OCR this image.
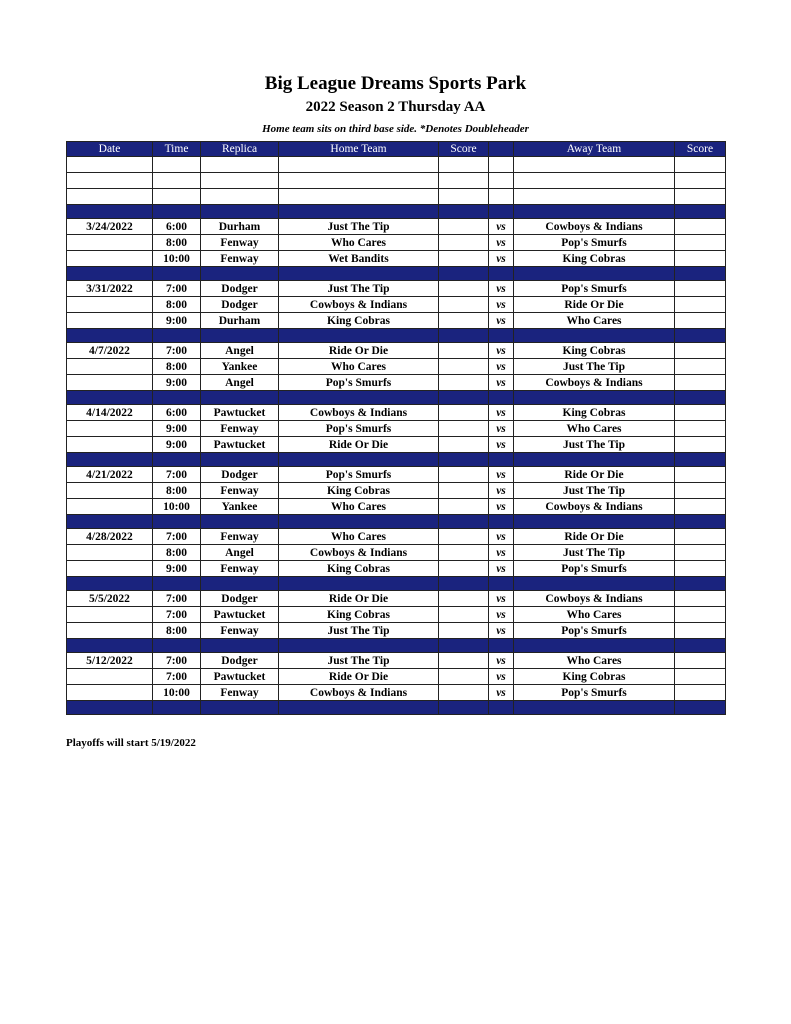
Big League Dreams Sports Park
2022 Season 2 Thursday AA
Home team sits on third base side. *Denotes Doubleheader
Date	Time	Replica	Home Team	Score		Away Team	Score

3/24/2022	6:00	Durham	Just The Tip		vs	Cowboys & Indians	
	8:00	Fenway	Who Cares		vs	Pop's Smurfs	
	10:00	Fenway	Wet Bandits		vs	King Cobras	

3/31/2022	7:00	Dodger	Just The Tip		vs	Pop's Smurfs	
	8:00	Dodger	Cowboys & Indians		vs	Ride Or Die	
	9:00	Durham	King Cobras		vs	Who Cares	

4/7/2022	7:00	Angel	Ride Or Die		vs	King Cobras	
	8:00	Yankee	Who Cares		vs	Just The Tip	
	9:00	Angel	Pop's Smurfs		vs	Cowboys & Indians	

4/14/2022	6:00	Pawtucket	Cowboys & Indians		vs	King Cobras	
	9:00	Fenway	Pop's Smurfs		vs	Who Cares	
	9:00	Pawtucket	Ride Or Die		vs	Just The Tip	

4/21/2022	7:00	Dodger	Pop's Smurfs		vs	Ride Or Die	
	8:00	Fenway	King Cobras		vs	Just The Tip	
	10:00	Yankee	Who Cares		vs	Cowboys & Indians	

4/28/2022	7:00	Fenway	Who Cares		vs	Ride Or Die	
	8:00	Angel	Cowboys & Indians		vs	Just The Tip	
	9:00	Fenway	King Cobras		vs	Pop's Smurfs	

5/5/2022	7:00	Dodger	Ride Or Die		vs	Cowboys & Indians	
	7:00	Pawtucket	King Cobras		vs	Who Cares	
	8:00	Fenway	Just The Tip		vs	Pop's Smurfs	

5/12/2022	7:00	Dodger	Just The Tip		vs	Who Cares	
	7:00	Pawtucket	Ride Or Die		vs	King Cobras	
	10:00	Fenway	Cowboys & Indians		vs	Pop's Smurfs	

Playoffs will start 5/19/2022
